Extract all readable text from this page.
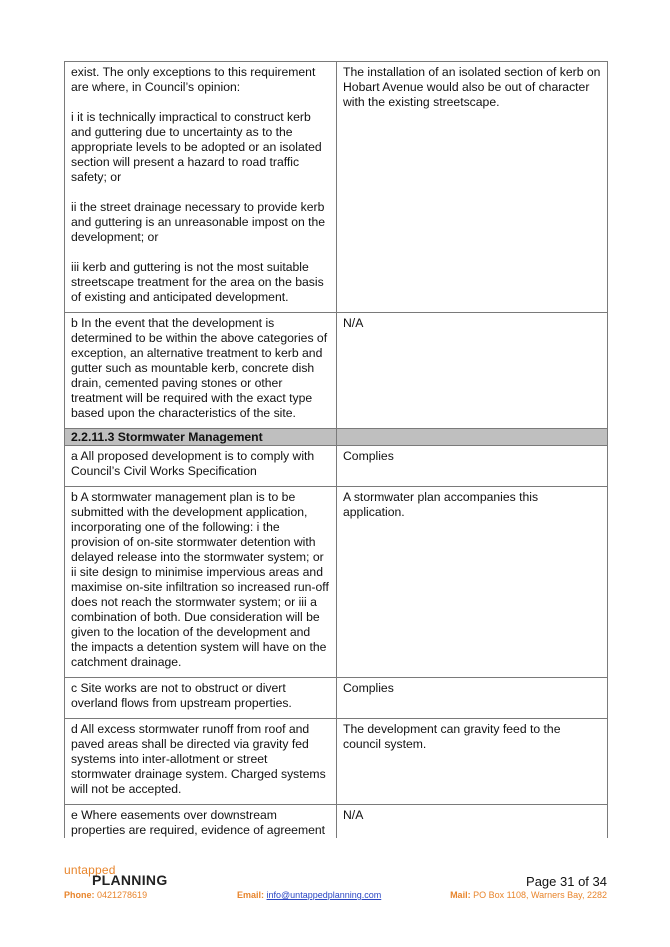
exist. The only exceptions to this requirement are where, in Council’s opinion:

i it is technically impractical to construct kerb and guttering due to uncertainty as to the appropriate levels to be adopted or an isolated section will present a hazard to road traffic safety; or

ii the street drainage necessary to provide kerb and guttering is an unreasonable impost on the development; or

iii kerb and guttering is not the most suitable streetscape treatment for the area on the basis of existing and anticipated development.	The installation of an isolated section of kerb on Hobart Avenue would also be out of character with the existing streetscape.

b In the event that the development is determined to be within the above categories of exception, an alternative treatment to kerb and gutter such as mountable kerb, concrete dish drain, cemented paving stones or other treatment will be required with the exact type based upon the characteristics of the site.	N/A

2.2.11.3 Stormwater Management	

a All proposed development is to comply with Council’s Civil Works Specification	Complies

b A stormwater management plan is to be submitted with the development application, incorporating one of the following: i the provision of on-site stormwater detention with delayed release into the stormwater system; or ii site design to minimise impervious areas and maximise on-site infiltration so increased run-off does not reach the stormwater system; or iii a combination of both. Due consideration will be given to the location of the development and the impacts a detention system will have on the catchment drainage.	A stormwater plan accompanies this application.

c Site works are not to obstruct or divert overland flows from upstream properties.	Complies

d All excess stormwater runoff from roof and paved areas shall be directed via gravity fed systems into inter-allotment or street stormwater drainage system. Charged systems will not be accepted.	The development can gravity feed to the council system.

e Where easements over downstream properties are required, evidence of agreement	N/A

untapped
PLANNING	Page 31 of 34
Phone: 0421278619	Email: info@untappedplanning.com	Mail: PO Box 1108, Warners Bay, 2282
